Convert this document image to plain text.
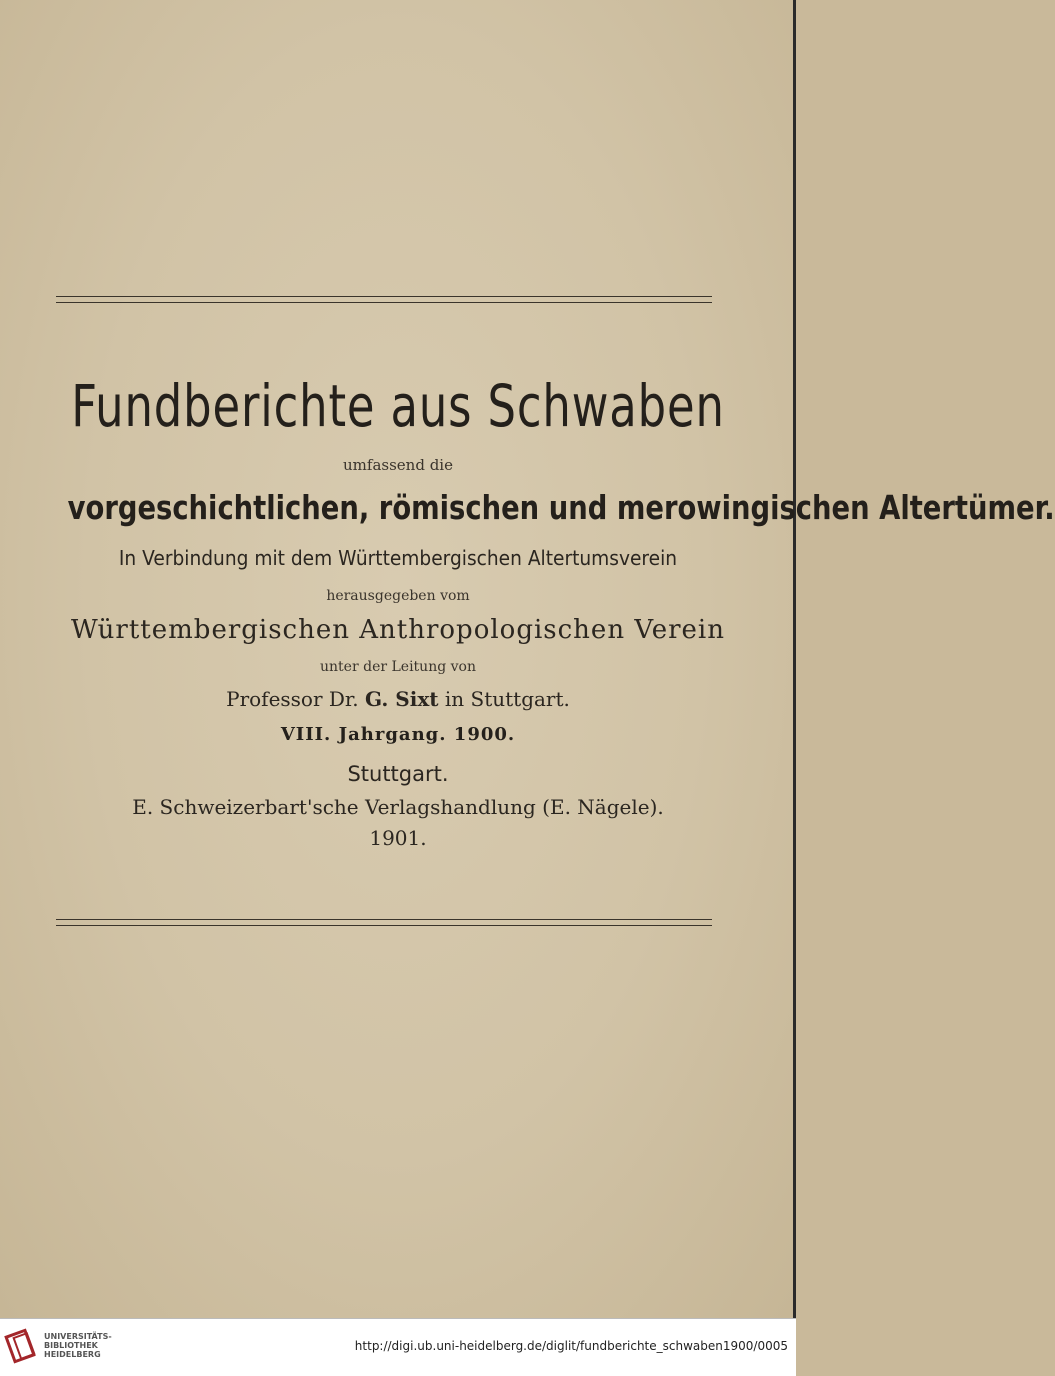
Fundberichte aus Schwaben
umfassend die
vorgeschichtlichen, römischen und merowingischen Altertümer.
In Verbindung mit dem Württembergischen Altertumsverein
herausgegeben vom
Württembergischen Anthropologischen Verein
unter der Leitung von
Professor Dr. G. Sixt in Stuttgart.
VIII. Jahrgang. 1900.
Stuttgart.
E. Schweizerbart'sche Verlagshandlung (E. Nägele).
1901.
UNIVERSITÄTS-
BIBLIOTHEK
HEIDELBERG
http://digi.ub.uni-heidelberg.de/diglit/fundberichte_schwaben1900/0005
